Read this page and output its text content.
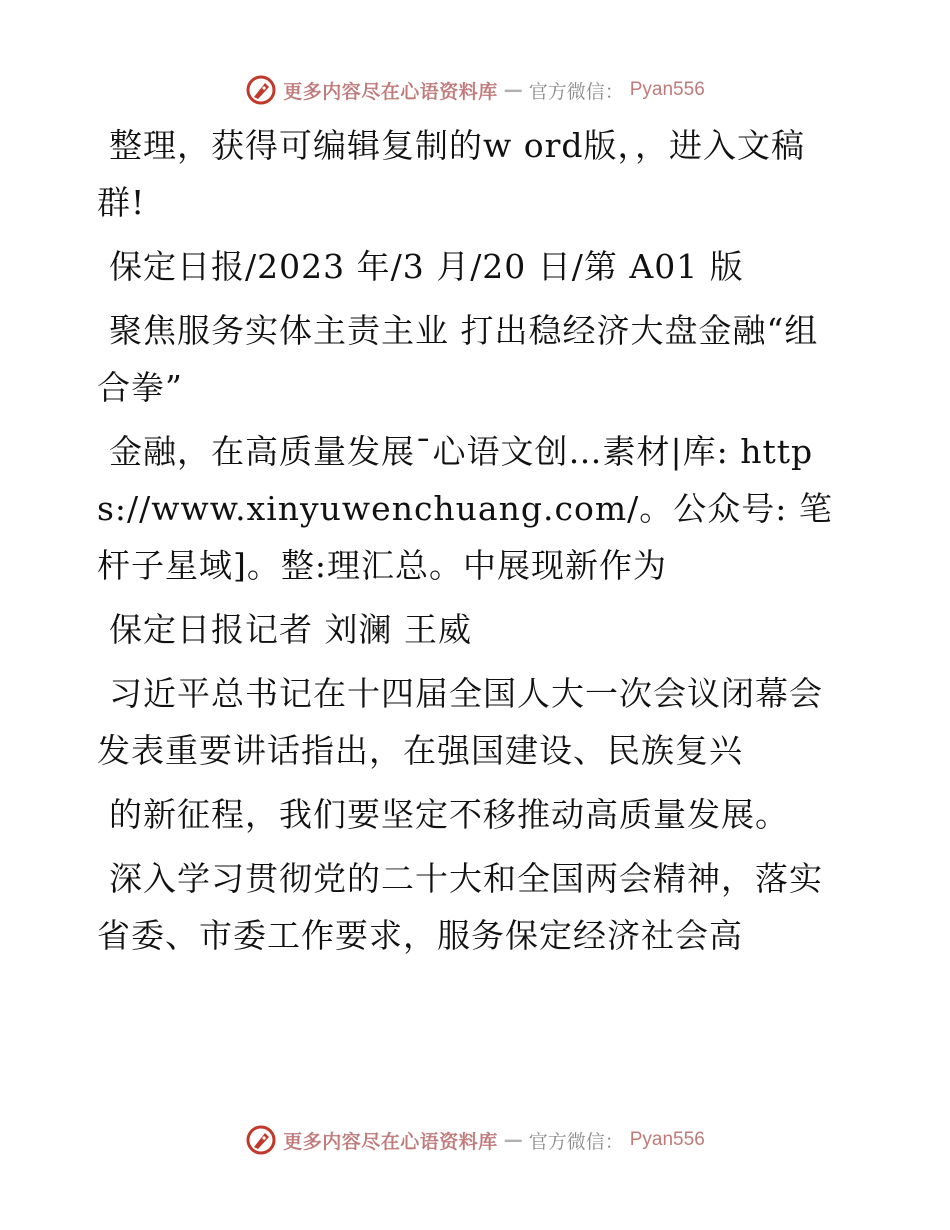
更多内容尽在心语资料库 — 官方微信： Pyan556

整理，获得可编辑复制的w ord版，，进入文稿群!

保定日报/2023 年/3 月/20 日/第 A01 版

聚焦服务实体主责主业 打出稳经济大盘金融“组合拳”

金融，在高质量发展¯心语文创…素材|库: https://www.xinyuwenchuang.com/。公众号: 笔杆子星域]。整:理汇总。中展现新作为

保定日报记者 刘澜 王威

习近平总书记在十四届全国人大一次会议闭幕会发表重要讲话指出，在强国建设、民族复兴

的新征程，我们要坚定不移推动高质量发展。

深入学习贯彻党的二十大和全国两会精神，落实省委、市委工作要求，服务保定经济社会高

更多内容尽在心语资料库 — 官方微信： Pyan556
